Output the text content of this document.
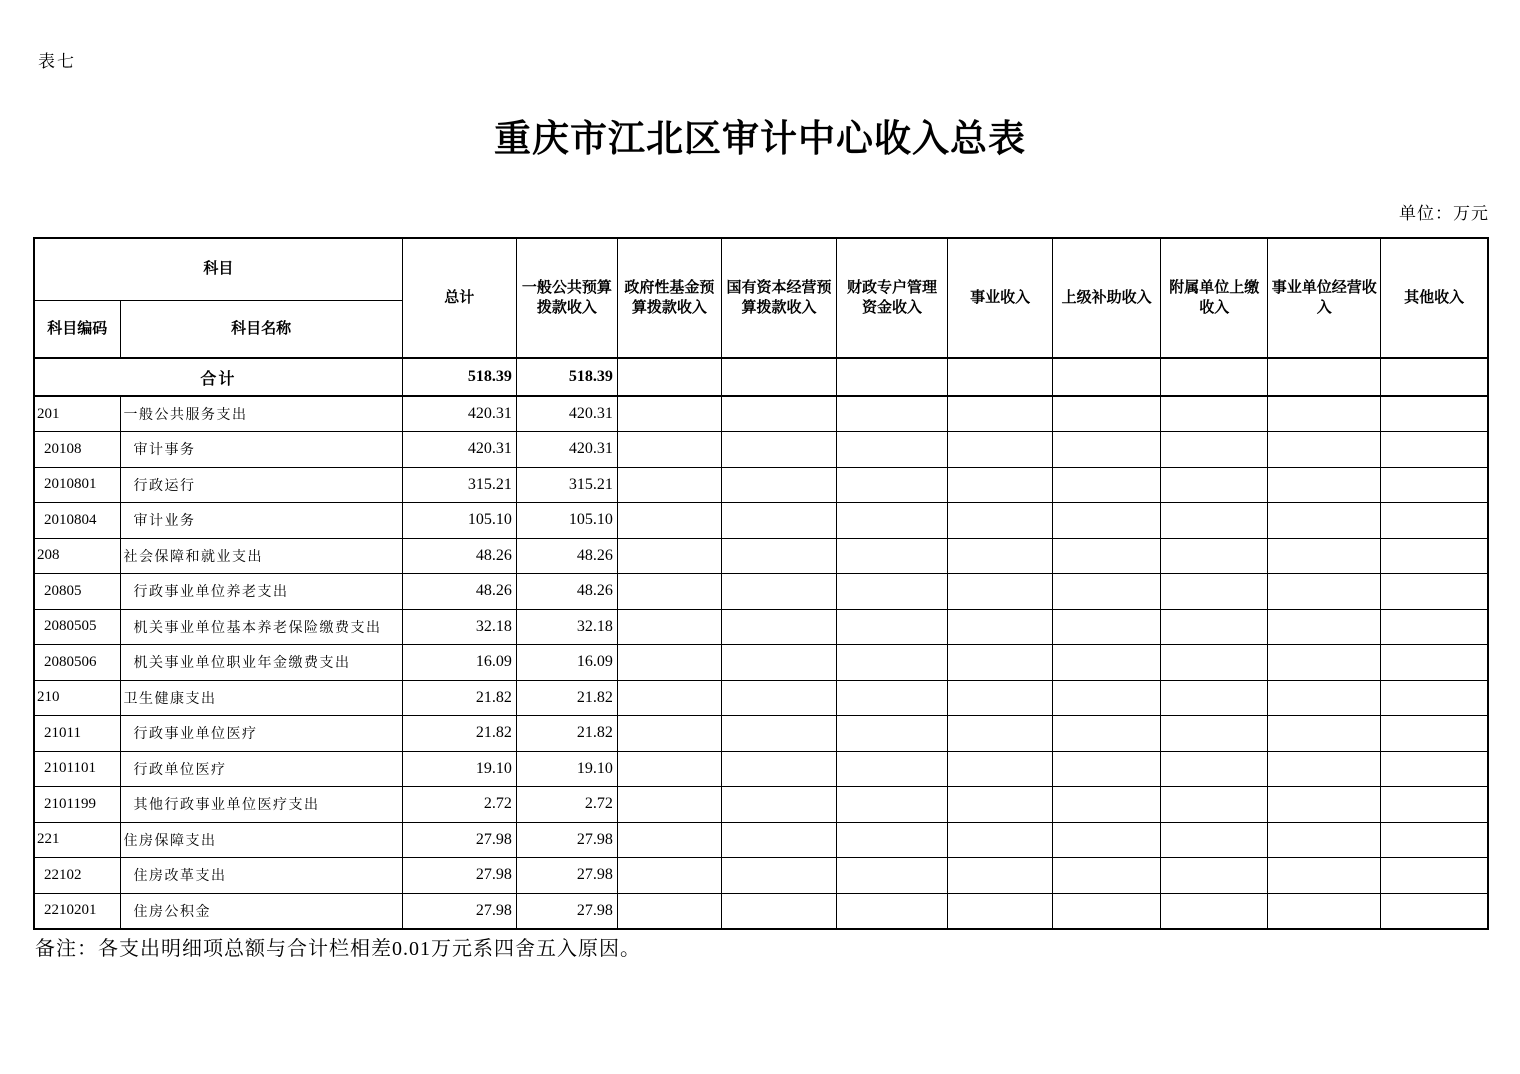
表七
重庆市江北区审计中心收入总表
单位：万元
科目		总计	一般公共预算拨款收入	政府性基金预算拨款收入	国有资本经营预算拨款收入	财政专户管理资金收入	事业收入	上级补助收入	附属单位上缴收入	事业单位经营收入	其他收入
科目编码	科目名称										
合计		518.39	518.39								
201	一般公共服务支出	420.31	420.31								
20108	审计事务	420.31	420.31								
2010801	行政运行	315.21	315.21								
2010804	审计业务	105.10	105.10								
208	社会保障和就业支出	48.26	48.26								
20805	行政事业单位养老支出	48.26	48.26								
2080505	机关事业单位基本养老保险缴费支出	32.18	32.18								
2080506	机关事业单位职业年金缴费支出	16.09	16.09								
210	卫生健康支出	21.82	21.82								
21011	行政事业单位医疗	21.82	21.82								
2101101	行政单位医疗	19.10	19.10								
2101199	其他行政事业单位医疗支出	2.72	2.72								
221	住房保障支出	27.98	27.98								
22102	住房改革支出	27.98	27.98								
2210201	住房公积金	27.98	27.98								
备注：各支出明细项总额与合计栏相差0.01万元系四舍五入原因。
